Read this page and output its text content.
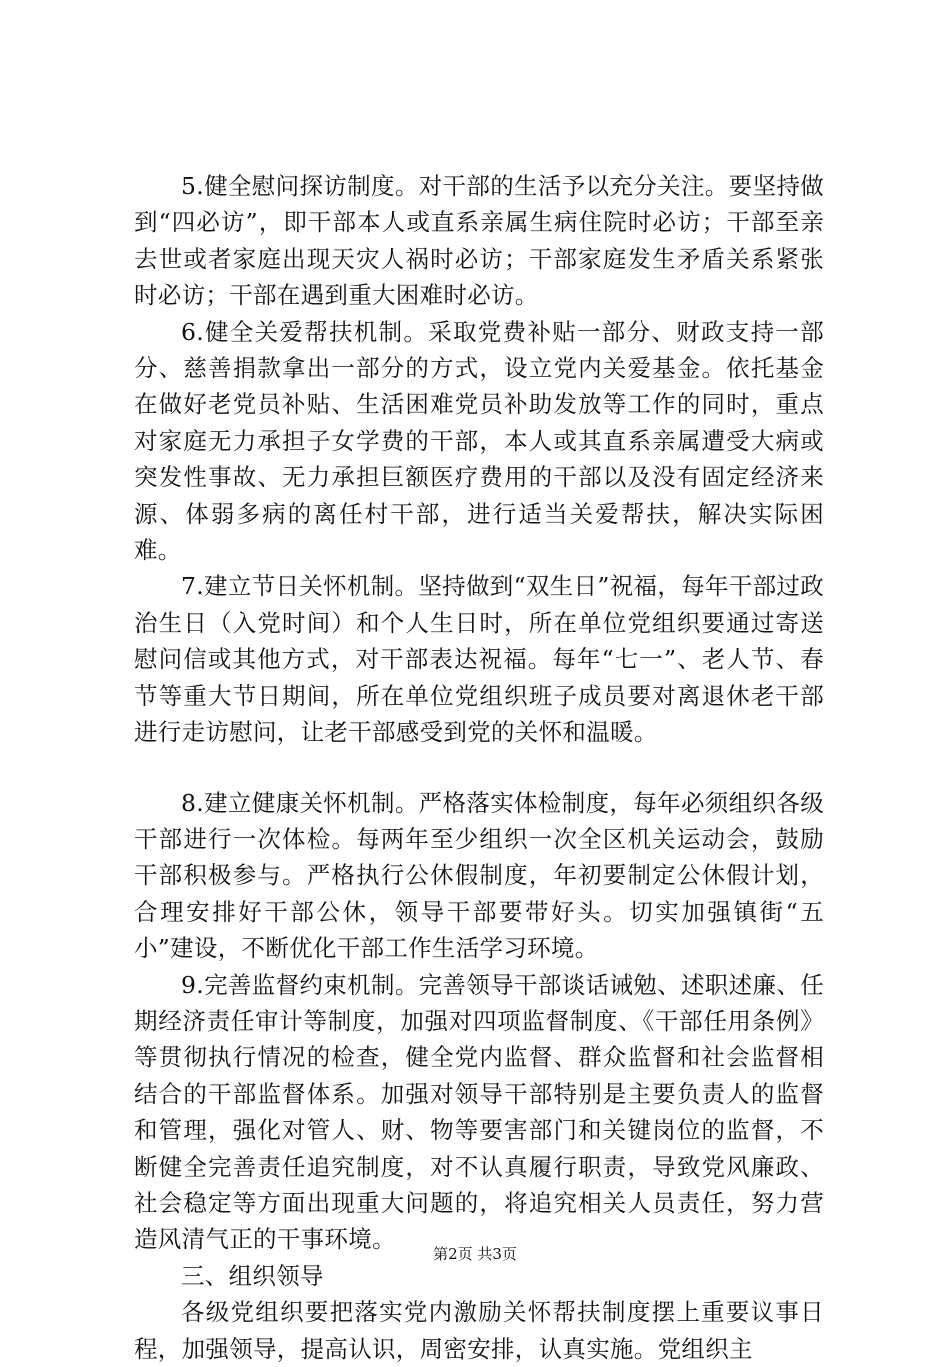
5.健全慰问探访制度。对干部的生活予以充分关注。要坚持做到“四必访”，即干部本人或直系亲属生病住院时必访；干部至亲去世或者家庭出现天灾人祸时必访；干部家庭发生矛盾关系紧张时必访；干部在遇到重大困难时必访。

6.健全关爱帮扶机制。采取党费补贴一部分、财政支持一部分、慈善捐款拿出一部分的方式，设立党内关爱基金。依托基金在做好老党员补贴、生活困难党员补助发放等工作的同时，重点对家庭无力承担子女学费的干部，本人或其直系亲属遭受大病或突发性事故、无力承担巨额医疗费用的干部以及没有固定经济来源、体弱多病的离任村干部，进行适当关爱帮扶，解决实际困难。

7.建立节日关怀机制。坚持做到“双生日”祝福，每年干部过政治生日（入党时间）和个人生日时，所在单位党组织要通过寄送慰问信或其他方式，对干部表达祝福。每年“七一”、老人节、春节等重大节日期间，所在单位党组织班子成员要对离退休老干部进行走访慰问，让老干部感受到党的关怀和温暖。

8.建立健康关怀机制。严格落实体检制度，每年必须组织各级干部进行一次体检。每两年至少组织一次全区机关运动会，鼓励干部积极参与。严格执行公休假制度，年初要制定公休假计划，合理安排好干部公休，领导干部要带好头。切实加强镇街“五小”建设，不断优化干部工作生活学习环境。

9.完善监督约束机制。完善领导干部谈话诫勉、述职述廉、任期经济责任审计等制度，加强对四项监督制度、《干部任用条例》等贯彻执行情况的检查，健全党内监督、群众监督和社会监督相结合的干部监督体系。加强对领导干部特别是主要负责人的监督和管理，强化对管人、财、物等要害部门和关键岗位的监督，不断健全完善责任追究制度，对不认真履行职责，导致党风廉政、社会稳定等方面出现重大问题的，将追究相关人员责任，努力营造风清气正的干事环境。

三、组织领导

各级党组织要把落实党内激励关怀帮扶制度摆上重要议事日程，加强领导，提高认识，周密安排，认真实施。党组织主

第2页 共3页
